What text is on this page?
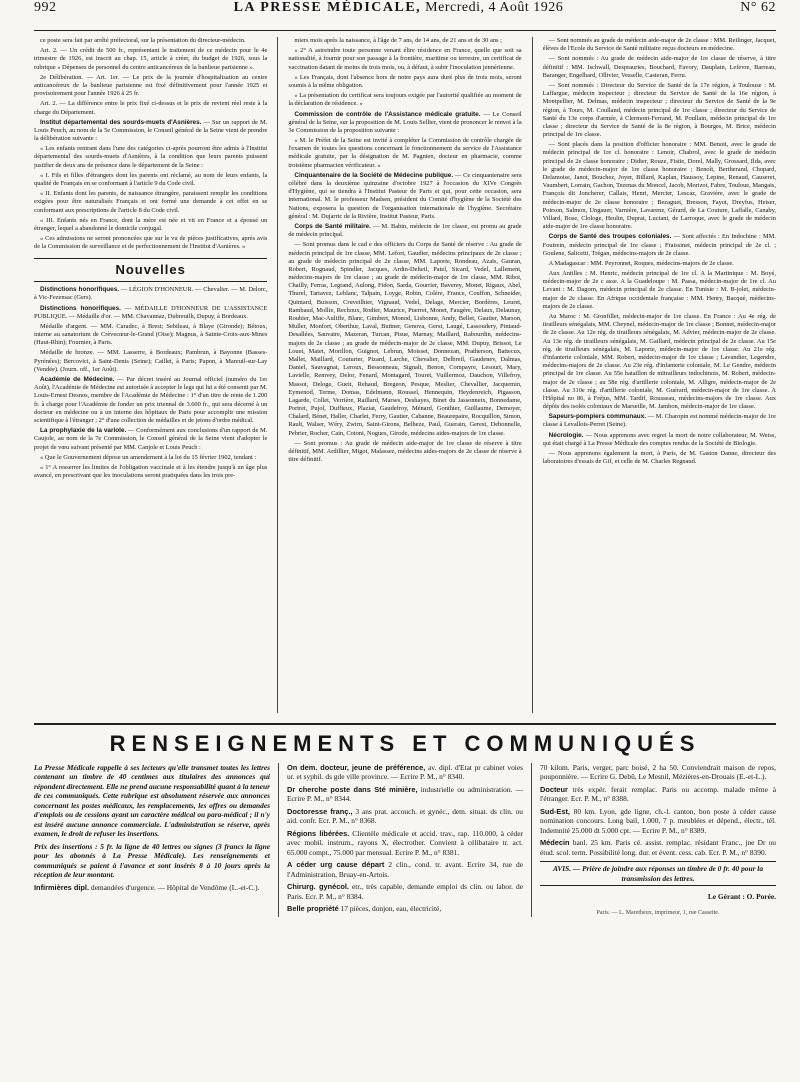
992	LA PRESSE MÉDICALE, Mercredi, 4 Août 1926	N° 62

ce poste sera fait par arrêté préfectoral, sur la présentation du directeur-médecin.

Art. 2. — Un crédit de 500 fr., représentant le traitement de ce médecin pour le 4e trimestre de 1926, est inscrit au chap. 15, article à créer, du budget de 1926, sous la rubrique « Dépenses de personnel du centre anticancéreux de la banlieue parisienne ».

2e Délibération. — Art. 1er. — Le prix de la journée d'hospitalisation au centre anticancéreux de la banlieue parisienne est fixé définitivement pour l'année 1925 et provisoirement pour l'année 1926 à 25 fr.

Art. 2. — La différence entre le prix fixé ci-dessus et le prix de revient réel reste à la charge du Département.

Institut départemental des sourds-muets d'Asnières. — Sur un rapport de M. Louis Peuch, au nom de la 5e Commission, le Conseil général de la Seine vient de prendre la délibération suivante :

« Les enfants rentrant dans l'une des catégories ci-après pourront être admis à l'Institut départemental des sourds-muets d'Asnières, à la condition que leurs parents puissent justifier de deux ans de présence dans le département de la Seine :

« I. Fils et filles d'étrangers dont les parents ont réclamé, au nom de leurs enfants, la qualité de Français en se conformant à l'article 9 du Code civil.

« II. Enfants dont les parents, de naissance étrangère, paraissent remplir les conditions exigées pour être naturalisés Français et ont formé une demande à cet effet en se conformant aux prescriptions de l'article 8 du Code civil.

« III. Enfants nés en France, dont la mère est née et vit en France et a épousé un étranger, lequel a abandonné le domicile conjugal.

« Ces admissions ne seront prononcées que sur le vu de pièces justificatives, après avis de la Commission de surveillance et de perfectionnement de l'Institut d'Asnières. »

Nouvelles

Distinctions honorifiques. — LÉGION D'HONNEUR. — Chevalier. — M. Delorc, à Vic-Fezensac (Gers).

Distinctions honorifiques. — MÉDAILLE D'HONNEUR DE L'ASSISTANCE PUBLIQUE. — Médaille d'or. — MM. Chavannaz, Dubreuilh, Dupuy, à Bordeaux.

Médaille d'argent. — MM. Caradec, à Brest; Sebileau, à Blaye (Gironde); Bétoux, interne au sanatorium de Crèvecœur-le-Grand (Oise); Magnus, à Sainte-Croix-aux-Mines (Haut-Rhin); Fournier, à Paris.

Médaille de bronze. — MM. Lasserre, à Bordeaux; Pambrun, à Bayonne (Basses-Pyrénées); Bercovici, à Saint-Denis (Seine); Caillet, à Paris; Papon, à Mareuil-sur-Lay (Vendée). (Journ. off., 1er Août).

Académie de Médecine. — Par décret inséré au Journal officiel (numéro du 1er Août), l'Académie de Médecine est autorisée à accepter le legs qui lui a été consenti par M. Louis-Ernest Desnos, membre de l'Académie de Médecine : 1° d'un titre de rente de 1.200 fr. à charge pour l'Académie de fonder un prix triennal de 3.600 fr., qui sera décerné à un docteur en médecine ou à un interne des hôpitaux de Paris pour accomplir une mission scientifique à l'étranger ; 2° d'une collection de médailles et de jetons d'ordre médical.

La prophylaxie de la variole. — Conformément aux conclusions d'un rapport de M. Caujole, au nom de la 7e Commission, le Conseil général de la Seine vient d'adopter le projet de vœu suivant présenté par MM. Canjole et Louis Peuch :

« Que le Gouvernement dépose un amendement à la loi du 15 février 1902, tendant :

« 1° A resserrer les limites de l'obligation vaccinale et à les étendre jusqu'à un âge plus avancé, en prescrivant que les inoculations seront pratiquées dans les trois pre-

miers mois après la naissance, à l'âge de 7 ans, de 14 ans, de 21 ans et de 30 ans ;

« 2° A astreindre toute personne venant élire résidence en France, quelle que soit sa nationalité, à fournir pour son passage à la frontière, maritime ou terrestre, un certificat de vaccination datant de moins de trois mois, ou, à défaut, à subir l'inoculation jennérienne.

« Les Français, dont l'absence hors de notre pays aura duré plus de trois mois, seront soumis à la même obligation.

« La présentation du certificat sera toujours exigée par l'autorité qualifiée au moment de la déclaration de résidence. »

Commission de contrôle de l'Assistance médicale gratuite. — Le Conseil général de la Seine, sur la proposition de M. Louis Sellier, vient de prononcer le renvoi à la 3e Commission de la proposition suivante :

« M. le Préfet de la Seine est invité à compléter la Commission de contrôle chargée de l'examen de toutes les questions concernant le fonctionnement du service de l'Assistance médicale gratuite, par la désignation de M. Pagnien, docteur en pharmacie, comme troisième pharmacien vérificateur. »

Cinquantenaire de la Société de Médecine publique. — Ce cinquantenaire sera célébré dans la deuxième quinzaine d'octobre 1927 à l'occasion du XIVe Congrès d'Hygiène, qui se tiendra à l'Institut Pasteur de Paris et qui, pour cette occasion, sera international. M. le professeur Madsen, président du Comité d'hygiène de la Société des Nations, exposera la question de l'organisation internationale de l'hygiène. Secrétaire général : M. Dujarric de la Rivière, Institut Pasteur, Paris.

Corps de Santé militaire. — M. Babin, médecin de 1re classe, est promu au grade de médecin principal.

— Sont promus dans le cad e des officiers du Corps de Santé de réserve : Au grade de médecin principal de 1re classe, MM. Lefort, Gaudier, médecins principaux de 2e classe ; au grade de médecin principal de 2e classe, MM. Laporte, Rondeau, Azaïs, Gauran, Robert, Rognaud, Spindler, Jacques, Ardin-Delteil, Patel, Sicard, Vedel, Lallement, médecins-majors de 1re classe ; au grade de médecin-major de 1re classe, MM. Ribot, Chailly, Ferras, Legrand, Aulong, Fidon, Sarda, Gourrier, Baverey, Monet, Rigaux, Abel, Thurel, Tartavez, Leblanc, Talpain, Loyge, Robin, Colère, France, Couffon, Schneider, Quintard, Buisson, Cruveilhier, Vignaud, Vedel, Delage, Mercier, Bordères, Leuret, Rambaud, Mollie, Rechoux, Rodier, Maurice, Puerret, Monet, Faugère, Delaux, Delaunay, Roubier, Mac-Auliffe, Blanc, Gimbert, Monod, Lisbonne, Andy, Bellet, Gautier, Marson, Muller, Monfort, Oberthur, Laval, Buttner, Genova, Gerst, Laugé, Lassoudery, Pintaud-Desallées, Sauvaire, Mazeran, Turcan, Pisue, Marnay, Maillard, Rabourdin, médecins-majors de 2e classe ; au grade de médecin-major de 2e classe, MM. Dupuy, Brissot, Le Louet, Matet, Morillon, Guignot, Lebrun, Moisset, Donnezan, Pratherson, Battecux, Mallet, Maillard, Couturier, Pizard, Larche, Chevalier, Delbreil, Gaudenev, Dalmas, Daniel, Sauvagnat, Leroux, Bessonneau, Signalt, Benon, Compayre, Lesourt, Mary, Lavielle, Remvey, Delor, Fenard, Montagard, Touret, Vuillermoz, Dauchon, Villefroy, Massot, Deloge, Gueit, Rehaud, Bregeon, Pesque, Meslier, Chevallier, Jacquemin, Eymenod, Terme, Domas, Edelmann, Roussel, Hennequin, Heydenreich, Pigasson, Lagarde, Collet, Verrière, Raillard, Marses, Deshayes, Binet du Jassonneix, Bonnedame, Portret, Pujol, Duffieux, Plaziat, Gaudefroy, Ménard, Gonthier, Guillaume, Demoyer, Chalard, Bénet, Haller, Charlet, Ferry, Gautier, Cabanne, Beaurepaire, Rocquillon, Simon, Rault, Walser, Wéry, Zwirn, Saint-Girons, Belheze, Paul, Guerain, Gerest, Debonnelle, Pebrier, Rocher, Cain, Cotoni, Nogues, Girode, médecins aides-majors de 1re classe.

— Sont promus : Au grade de médecin aide-major de 1re classe de réserve à titre définitif, MM. Ardillier, Migot, Malassez, médecins aides-majors de 2e classe de réserve à titre définitif.

— Sont nommés au grade de médecin aide-major de 2e classe : MM. Reilinger, Jacquet, élèves de l'Ecole du Service de Santé militaire reçus docteurs en médecine.

— Sont nommés : Au grade de médecin aide-major de 1re classe de réserve, à titre définitif : MM. Ischwall, Desprauries, Bouchard, Favory, Dauplain, Lefevre, Barreau, Baranger, Engelhard, Ollivier, Vesselle, Casteran, Ferru.

— Sont nommés : Directeur du Service de Santé de la 17e région, à Toulouse : M. Laffargue, médecin inspecteur ; directeur du Service de Santé de la 16e région, à Montpellier, M. Delmas, médecin inspecteur ; directeur du Service de Santé de la 9e région, à Tours, M. Coulland, médecin principal de 1re classe ; directeur du Service de Santé du 13e corps d'armée, à Clermont-Ferrand, M. Poullain, médecin principal de 1re classe ; directeur du Service de Santé de la 8e région, à Bourges, M. Brice, médecin principal de 1re classe.

— Sont placés dans la position d'officier honoraire : MM. Benoit, avec le grade de médecin principal de 1re cl. honoraire : Lenoir, Chabrol, avec le grade de médecin principal de 2e classe honoraire ; Didier, Rouze, Fistie, Dorel, Mally, Grossard, Ilda, avec le grade de médecin-major de 1re classe honoraire ; Benoît, Bertherand, Chopard, Delamoise, Janot, Bouchez, Joyer, Billard, Kaplan, Haussoy, Lepine, Renaud, Causeret, Vaumbert, Lorrain, Gachon, Tezenas du Moncel, Jacob, Morizot, Fabre, Touloue, Mangais, François dit Joncherer, Callais, Henri, Mercier, Lescaz, Gravière, avec le grade de médecin-major de 2e classe honoraire ; Bezaguet, Bresson, Fayot, Dreyfus, Heiser, Poirson, Salmon, Ungauer, Varnière, Lavarenz, Gérard, de La Couture, Laffalle, Canaby, Villard, Bose, Clologe, Heulin, Duprat, Luciani, de Larroque, avec le grade de médecin aide-major de 1re classe honoraire.

Corps de Santé des troupes coloniales. — Sont affectés : En Indochine : MM. Foutrein, médecin principal de 1re classe ; Fraissinet, médecin principal de 2e cl. ; Goulene, Salicetti, Trégan, médecins-majors de 2e classe.

A Madagascar : MM. Peyronnet, Roques, médecins-majors de 2e classe.

Aux Antilles : M. Henric, médecin principal de 1re cl. A la Martinique : M. Boyé, médecin-major de 2e c asse. A la Guadeloupe : M. Passa, médecin-major de 1re cl. Au Levant : M. Dagorn, médecin principal de 2e classe. En Tunisie : M. B-jolet, médecin-major de 2e classe. En Afrique occidentale française : MM. Henry, Bacqué, médecins-majors de 2e classe.

Au Maroc : M. Gronfillet, médecin-major de 1re classe. En France : Au 4e rég. de tirailleurs sénégalais, MM. Cheynel, médecin-major de 1re classe ; Bonnet, médecin-major de 2e classe. Au 12e rég. de tirailleurs sénégalais, M. Advier, médecin-major de 2e classe. Au 13e rég. de tirailleurs sénégalais, M. Gaillard, médecin principal de 2e classe. Au 15e rég. de tirailleurs sénégalais, M. Laporte, médecin-major de 1re classe. Au 21e rég. d'infanterie coloniale, MM. Robert, médecin-major de 1re classe ; Lavandier, Legendre, médecins-majors de 2e classe. Au 23e rég. d'infanterie coloniale, M. Le Gendre, médecin principal de 1re classe. Au 55e bataillon de mitrailleurs indochinois, M. Robert, médecin-major de 2e classe ; au 58e rég. d'artillerie coloniale, M. Alligre, médecin-major de 2e classe. Au 310e rég. d'artillerie coloniale, M. Guérard, médecin-major de 1re classe. A l'Hôpital no 86, à Fréjus, MM. Tardif, Rousseau, médecins-majors de 1re classe. Aux dépôts des isolés coloniaux de Marseille, M. Jambon, médecin-major de 1re classe.

Sapeurs-pompiers communaux. — M. Charopin est nommé médecin-major de 1re classe à Levallois-Perret (Seine).

Nécrologie. — Nous apprenons avec regret la mort de notre collaborateur, M. Weiss, qui était chargé à La Presse Médicale des comptes rendus de la Société de Biologie.

— Nous apprenons également la mort, à Paris, de M. Gaston Danne, directeur des laboratoires d'essais de Gif, et celle de M. Charles Regnaud.

RENSEIGNEMENTS ET COMMUNIQUÉS

La Presse Médicale rappelle à ses lecteurs qu'elle transmet toutes les lettres contenant un timbre de 40 centimes aux titulaires des annonces qui répondent directement. Elle ne prend aucune responsabilité quant à la teneur de ces communiqués. Cette rubrique est absolument réservée aux annonces concernant les postes médicaux, les remplacements, les offres ou demandes d'emplois ou de cessions ayant un caractère médical ou para-médical ; il n'y est inséré aucune annonce commerciale. L'administration se réserve, après examen, le droit de refuser les insertions.

Prix des insertions : 5 fr. la ligne de 40 lettres ou signes (3 francs la ligne pour les abonnés à La Presse Médicale). Les renseignements et communiqués se paient à l'avance et sont insérés 8 à 10 jours après la réception de leur montant.

Infirmières dipl. demandées d'urgence. — Hôpital de Vendôme (L.-et-C.).

On dem. docteur, jeune de préférence, av. dipl. d'Etat pr cabinet voies ur. et syphil. ds gde ville province. — Ecrire P. M., n° 8340.

Dr cherche poste dans Sté minière, industrielle ou administration. — Ecrire P. M., n° 8344.

Doctoresse franç., 3 ans prat. accouch. et gynéc., dem. situat. ds clin. ou aid. confr. Ecr. P. M., n° 8368.

Régions libérées. Clientèle médicale et accid. trav., rap. 110.000, à céder avec mobil. instrum., rayons X, électrother. Convient à célibataire tr. act. 65.000 compt., 75.000 par mensual. Ecrire P. M., n° 8381.

A céder urg cause départ 2 clin., cond. tr. avant. Ecrire 34, rue de l'Administration, Bruay-en-Artois.

Chirurg. gynécol. etr., très capable, demande emploi ds clin. ou labor. de Paris. Ecr. P. M., n° 8384.

Belle propriété 17 pièces, donjon, eau, électricité,

70 kilom. Paris, verger, parc boisé, 2 ha 50. Conviendrait maison de repos, pouponnière. — Ecrire G. Debû, Le Mesnil, Mézières-en-Drouais (E.-et-L.).

Docteur très expér. ferait remplac. Paris ou accomp. malade même à l'étranger. Ecr. P. M., n° 8388.

Sud-Est, 80 km. Lyon, gde ligne, ch.-l. canton, bon poste à céder cause nomination concours. Long bail, 1.000, 7 p. meublées et dépend., électr., tél. Indemnité 25.000 dt 5.000 cpt. — Ecrire P. M., n° 8389.

Médecin banl. 25 km. Paris cé. assist. remplac. résidant Franc., jne Dr ou étud. scol. term. Possibilité long. dur. et évent. cess. cab. Ecr. P. M., n° 8390.

AVIS. — Prière de joindre aux réponses un timbre de 0 fr. 40 pour la transmission des lettres.
Le Gérant : O. Porée.
Paris. — L. Maretheux, imprimeur, 1, rue Cassette.
